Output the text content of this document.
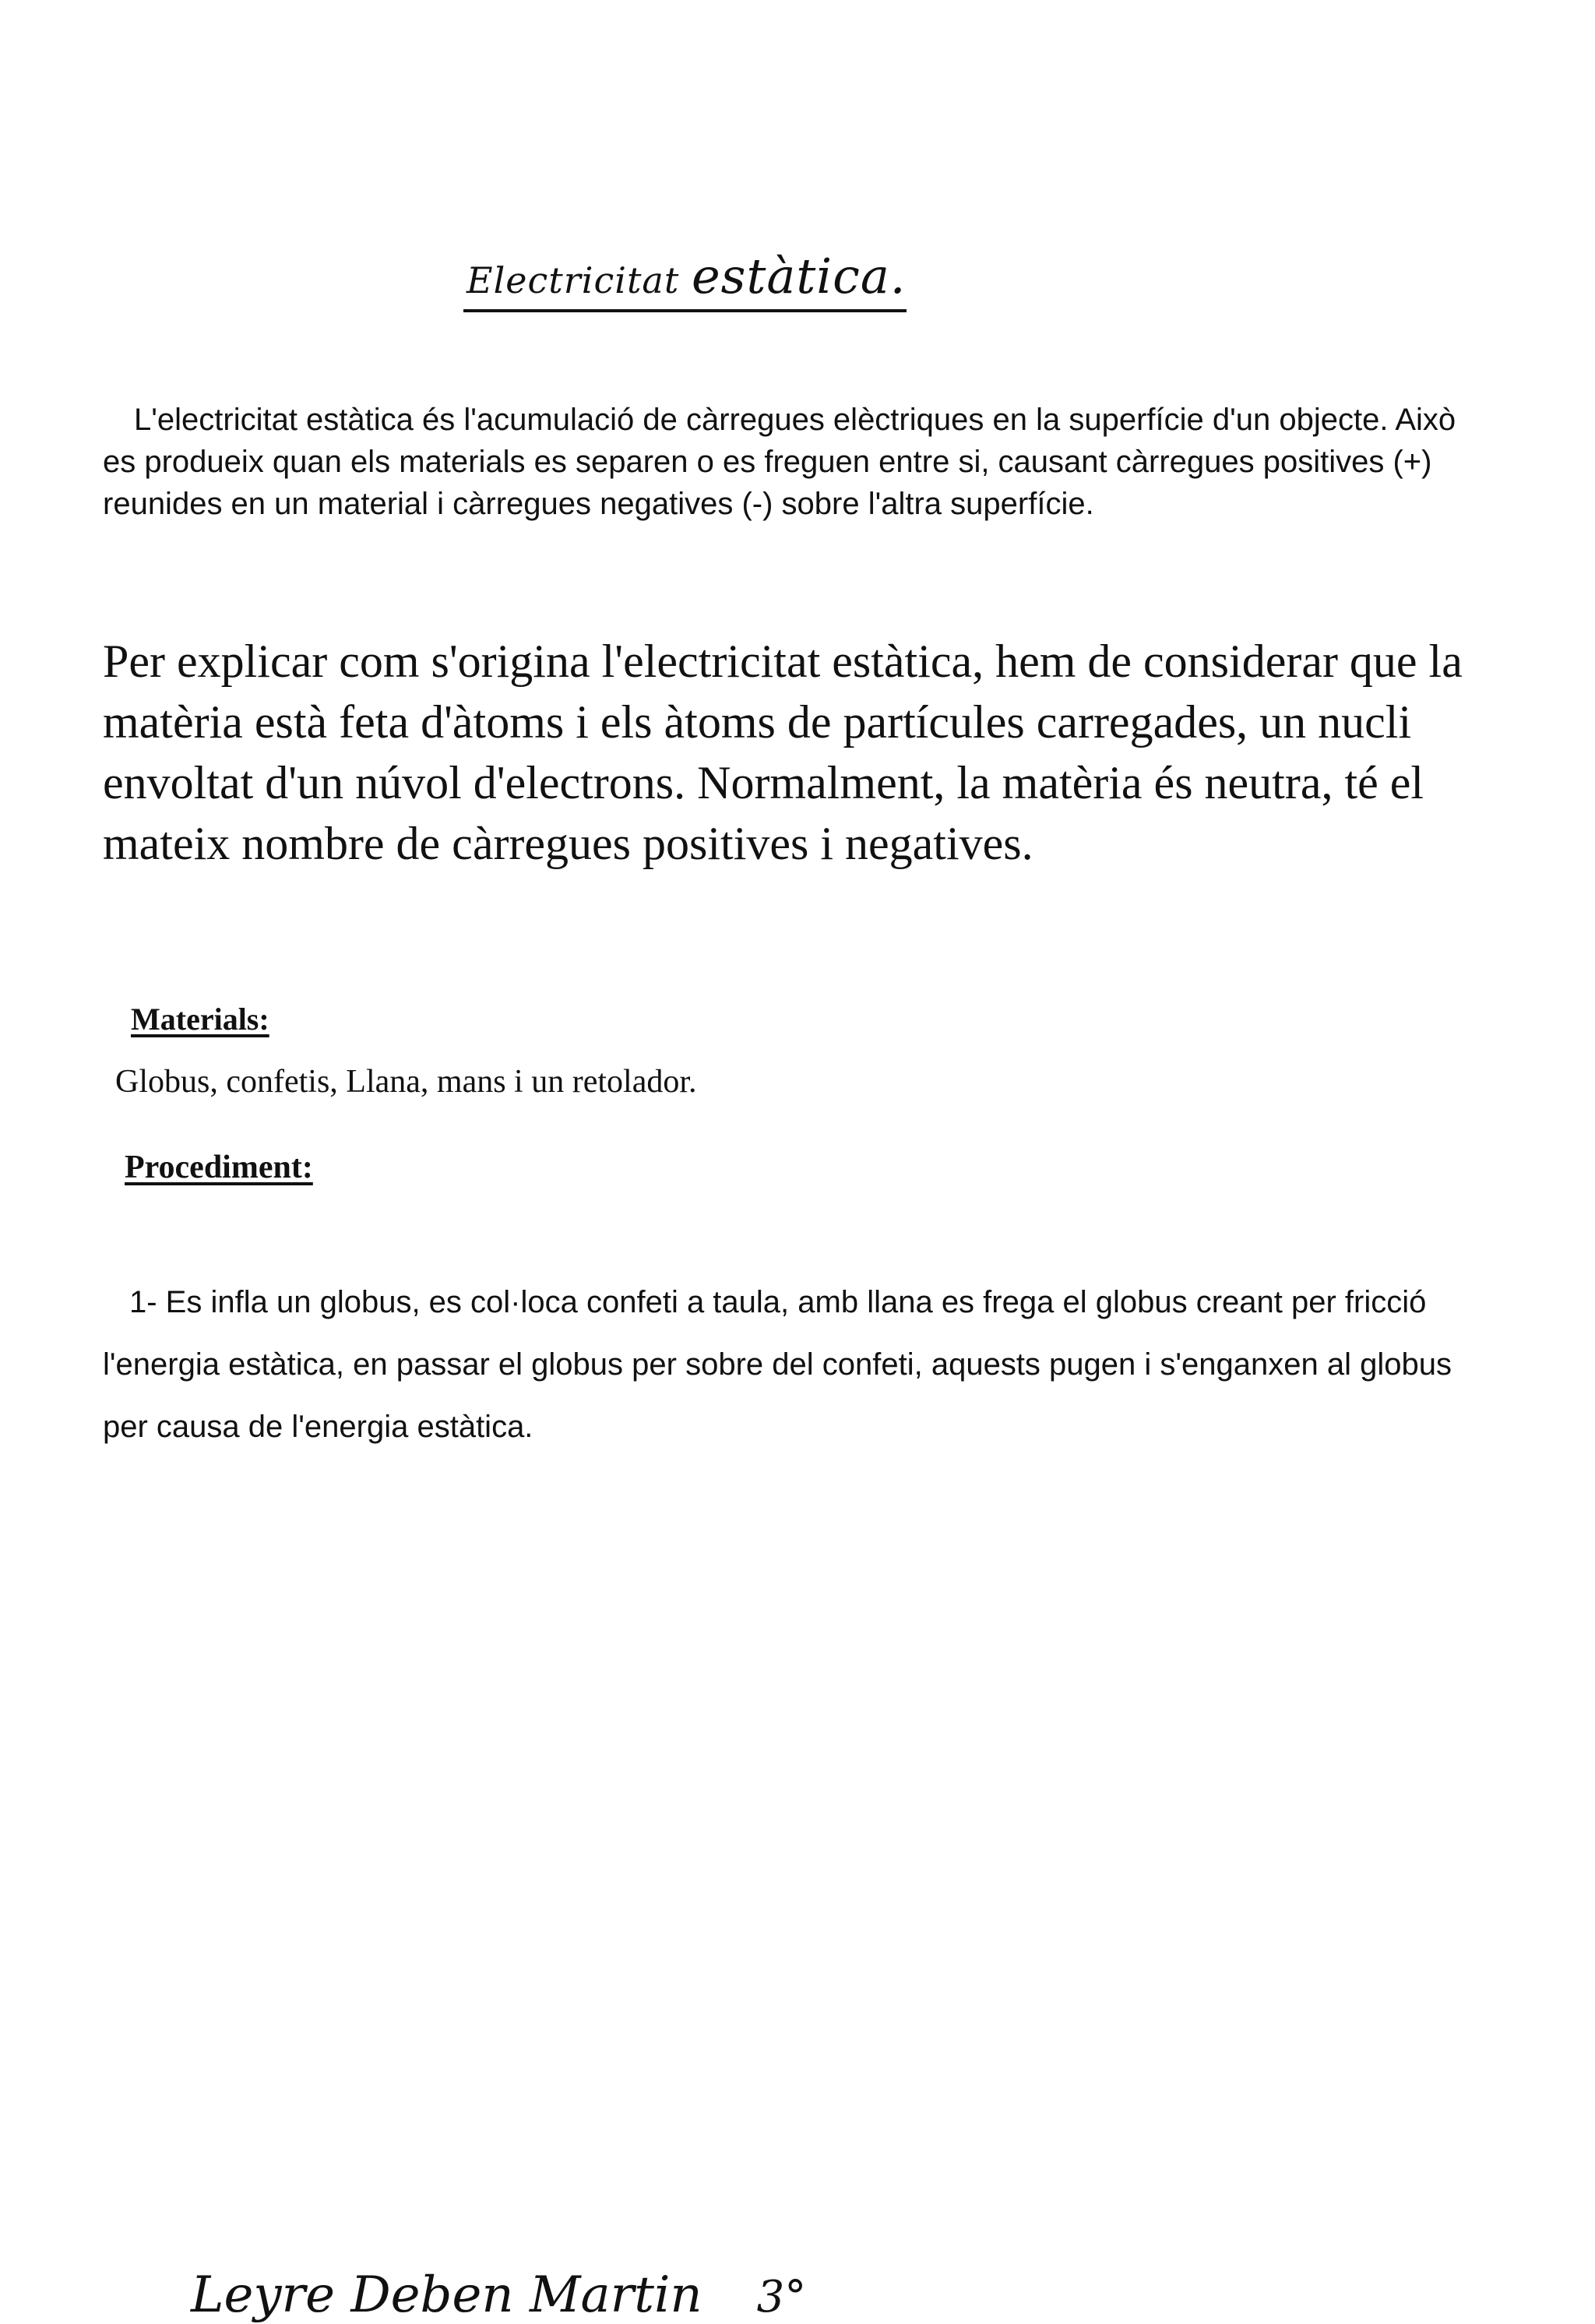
Electricitat estàtica.

L'electricitat estàtica és l'acumulació de càrregues elèctriques en la superfície d'un objecte. Això es produeix quan els materials es separen o es freguen entre si, causant càrregues positives (+) reunides en un material i càrregues negatives (-) sobre l'altra superfície.

Per explicar com s'origina l'electricitat estàtica, hem de considerar que la matèria està feta d'àtoms i els àtoms de partícules carregades, un nucli envoltat d'un núvol d'electrons. Normalment, la matèria és neutra, té el mateix nombre de càrregues positives i negatives.

Materials:

Globus, confetis, Llana, mans i un retolador.

Procediment:

1- Es infla un globus, es col·loca confeti a taula, amb llana es frega el globus creant per fricció l'energia estàtica, en passar el globus per sobre del confeti, aquests pugen i s'enganxen al globus per causa de l'energia estàtica.

Leyre Deben Martin 3°
